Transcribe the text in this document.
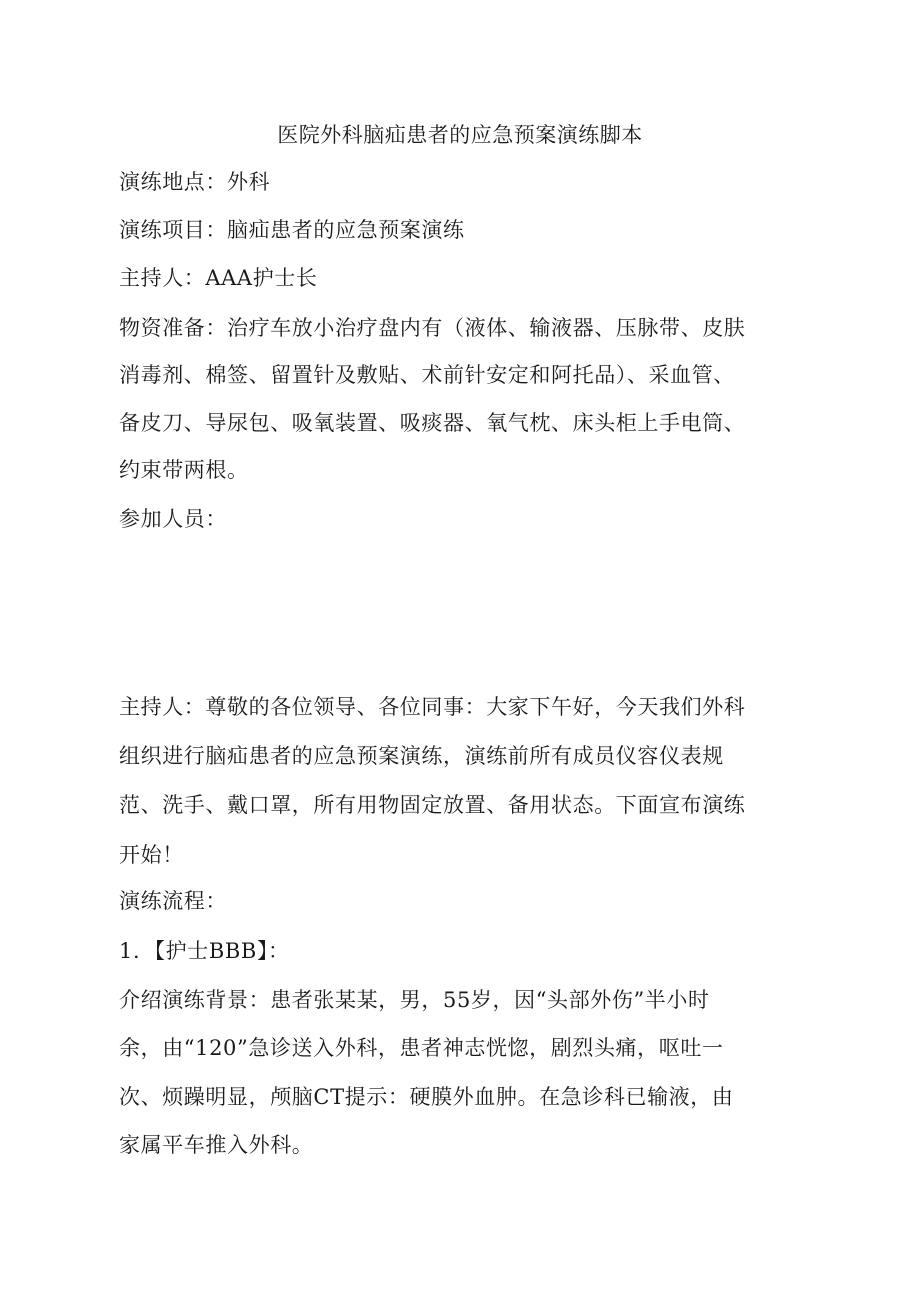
医院外科脑疝患者的应急预案演练脚本
演练地点：外科
演练项目：脑疝患者的应急预案演练
主持人：AAA护士长
物资准备：治疗车放小治疗盘内有（液体、输液器、压脉带、皮肤
消毒剂、棉签、留置针及敷贴、术前针安定和阿托品）、采血管、
备皮刀、导尿包、吸氧装置、吸痰器、氧气枕、床头柜上手电筒、
约束带两根。
参加人员：
主持人：尊敬的各位领导、各位同事：大家下午好，今天我们外科
组织进行脑疝患者的应急预案演练，演练前所有成员仪容仪表规
范、洗手、戴口罩，所有用物固定放置、备用状态。下面宣布演练
开始！
演练流程：
1．【护士BBB】：
介绍演练背景：患者张某某，男，55岁，因“头部外伤”半小时
余，由“120”急诊送入外科，患者神志恍惚，剧烈头痛，呕吐一
次、烦躁明显，颅脑CT提示：硬膜外血肿。在急诊科已输液，由
家属平车推入外科。
